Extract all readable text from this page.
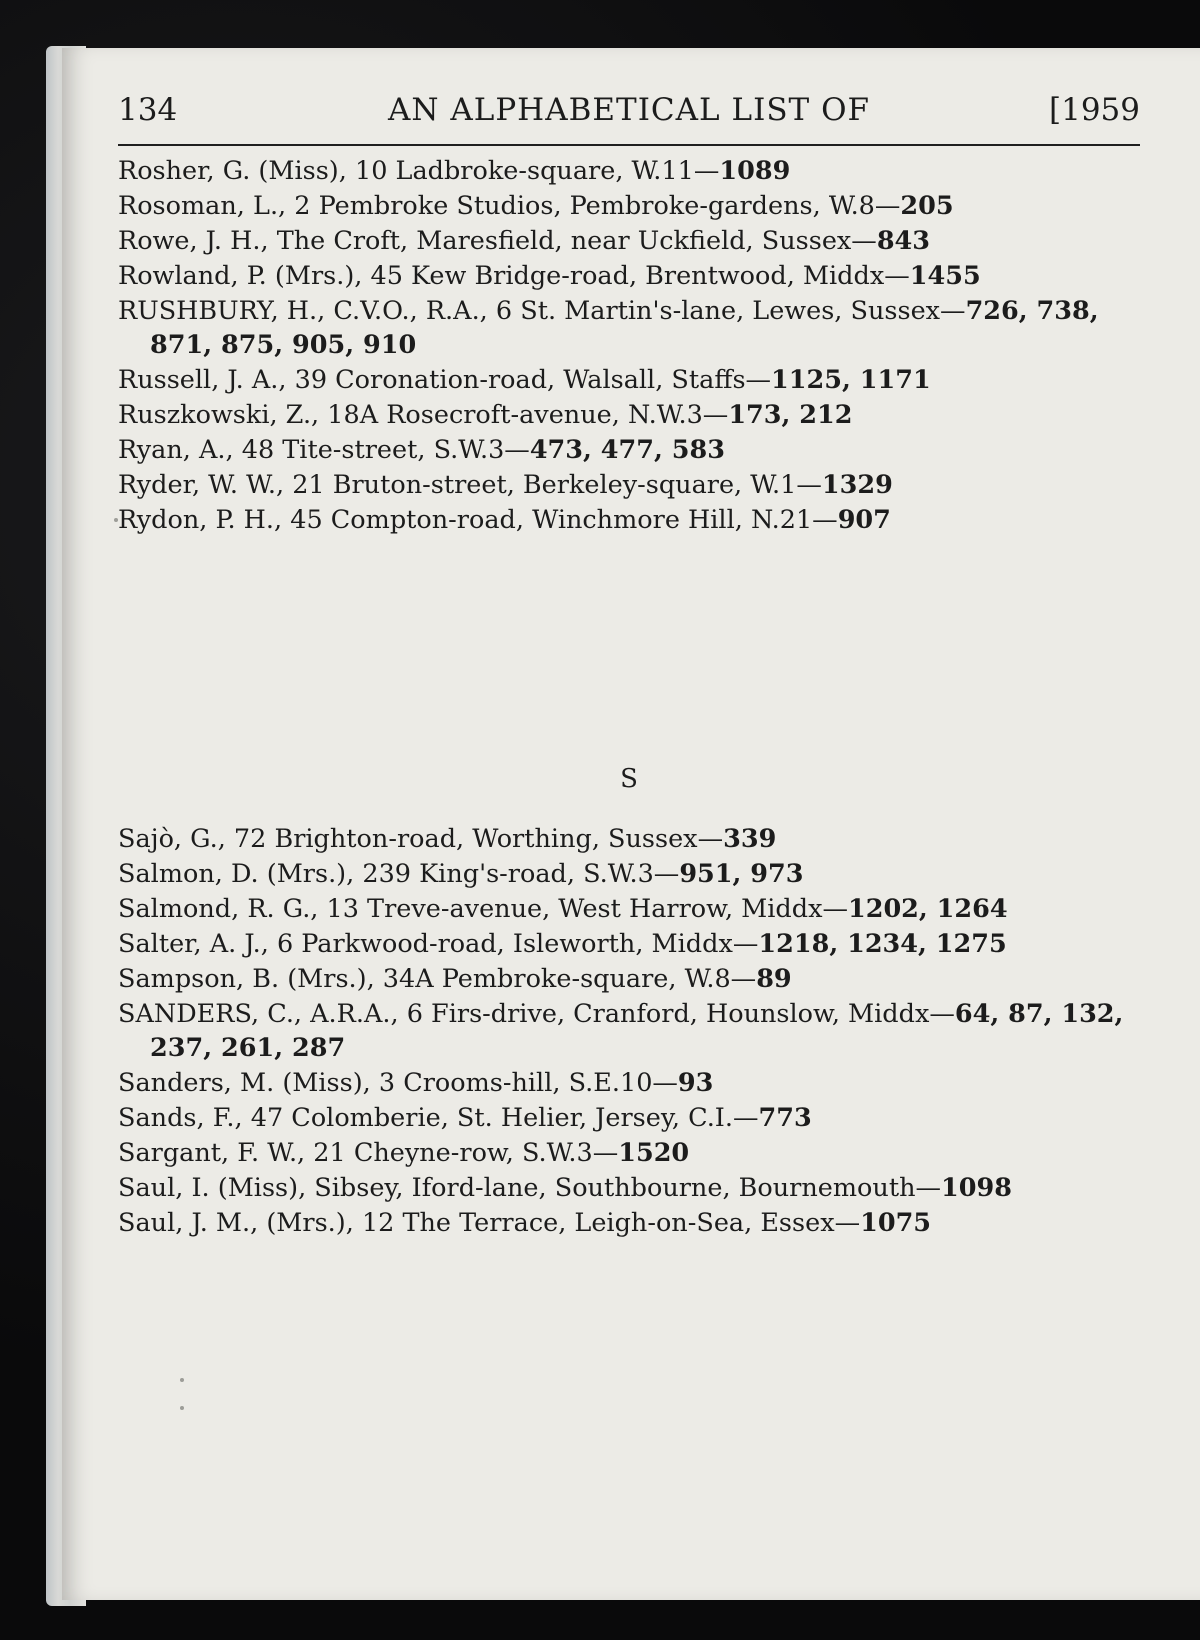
134	AN ALPHABETICAL LIST OF	[1959

Rosher, G. (Miss), 10 Ladbroke-square, W.11—1089

Rosoman, L., 2 Pembroke Studios, Pembroke-gardens, W.8—205

Rowe, J. H., The Croft, Maresfield, near Uckfield, Sussex—843

Rowland, P. (Mrs.), 45 Kew Bridge-road, Brentwood, Middx—1455

RUSHBURY, H., C.V.O., R.A., 6 St. Martin's-lane, Lewes, Sussex—726, 738, 871, 875, 905, 910

Russell, J. A., 39 Coronation-road, Walsall, Staffs—1125, 1171

Ruszkowski, Z., 18A Rosecroft-avenue, N.W.3—173, 212

Ryan, A., 48 Tite-street, S.W.3—473, 477, 583

Ryder, W. W., 21 Bruton-street, Berkeley-square, W.1—1329

Rydon, P. H., 45 Compton-road, Winchmore Hill, N.21—907

S

Sajò, G., 72 Brighton-road, Worthing, Sussex—339

Salmon, D. (Mrs.), 239 King's-road, S.W.3—951, 973

Salmond, R. G., 13 Treve-avenue, West Harrow, Middx—1202, 1264

Salter, A. J., 6 Parkwood-road, Isleworth, Middx—1218, 1234, 1275

Sampson, B. (Mrs.), 34A Pembroke-square, W.8—89

SANDERS, C., A.R.A., 6 Firs-drive, Cranford, Hounslow, Middx—64, 87, 132, 237, 261, 287

Sanders, M. (Miss), 3 Crooms-hill, S.E.10—93

Sands, F., 47 Colomberie, St. Helier, Jersey, C.I.—773

Sargant, F. W., 21 Cheyne-row, S.W.3—1520

Saul, I. (Miss), Sibsey, Iford-lane, Southbourne, Bournemouth—1098

Saul, J. M., (Mrs.), 12 The Terrace, Leigh-on-Sea, Essex—1075
